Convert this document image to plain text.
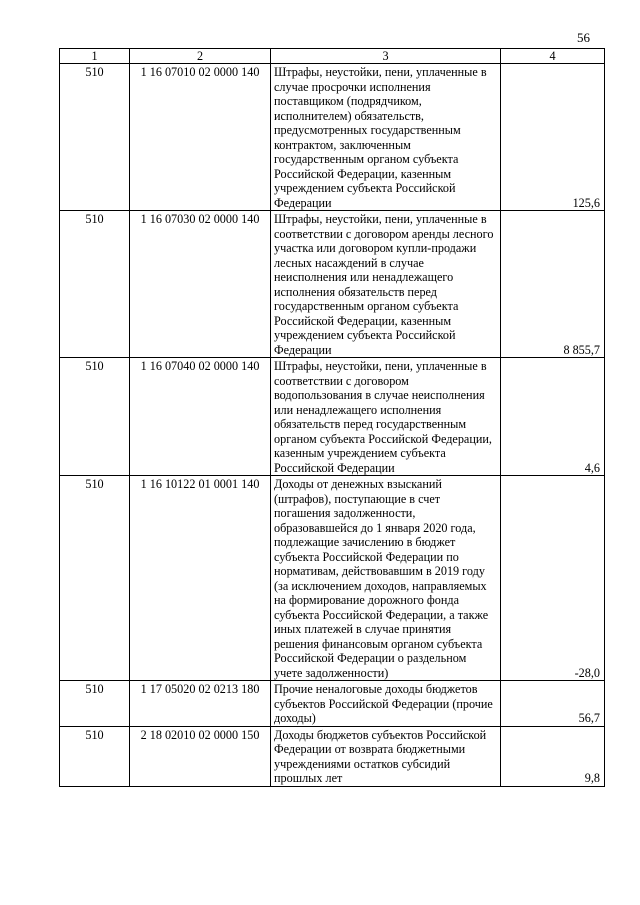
56
1	2	3	4
510	1 16 07010 02 0000 140	Штрафы, неустойки, пени, уплаченные в случае просрочки исполнения поставщиком (подрядчиком, исполнителем) обязательств, предусмотренных государственным контрактом, заключенным государственным органом субъекта Российской Федерации, казенным учреждением субъекта Российской Федерации	125,6
510	1 16 07030 02 0000 140	Штрафы, неустойки, пени, уплаченные в соответствии с договором аренды лесного участка или договором купли-продажи лесных насаждений в случае неисполнения или ненадлежащего исполнения обязательств перед государственным органом субъекта Российской Федерации, казенным учреждением субъекта Российской Федерации	8 855,7
510	1 16 07040 02 0000 140	Штрафы, неустойки, пени, уплаченные в соответствии с договором водопользования в случае неисполнения или ненадлежащего исполнения обязательств перед государственным органом субъекта Российской Федерации, казенным учреждением субъекта Российской Федерации	4,6
510	1 16 10122 01 0001 140	Доходы от денежных взысканий (штрафов), поступающие в счет погашения задолженности, образовавшейся до 1 января 2020 года, подлежащие зачислению в бюджет субъекта Российской Федерации по нормативам, действовавшим в 2019 году (за исключением доходов, направляемых на формирование дорожного фонда субъекта Российской Федерации, а также иных платежей в случае принятия решения финансовым органом субъекта Российской Федерации о раздельном учете задолженности)	-28,0
510	1 17 05020 02 0213 180	Прочие неналоговые доходы бюджетов субъектов Российской Федерации (прочие доходы)	56,7
510	2 18 02010 02 0000 150	Доходы бюджетов субъектов Российской Федерации от возврата бюджетными учреждениями остатков субсидий прошлых лет	9,8
